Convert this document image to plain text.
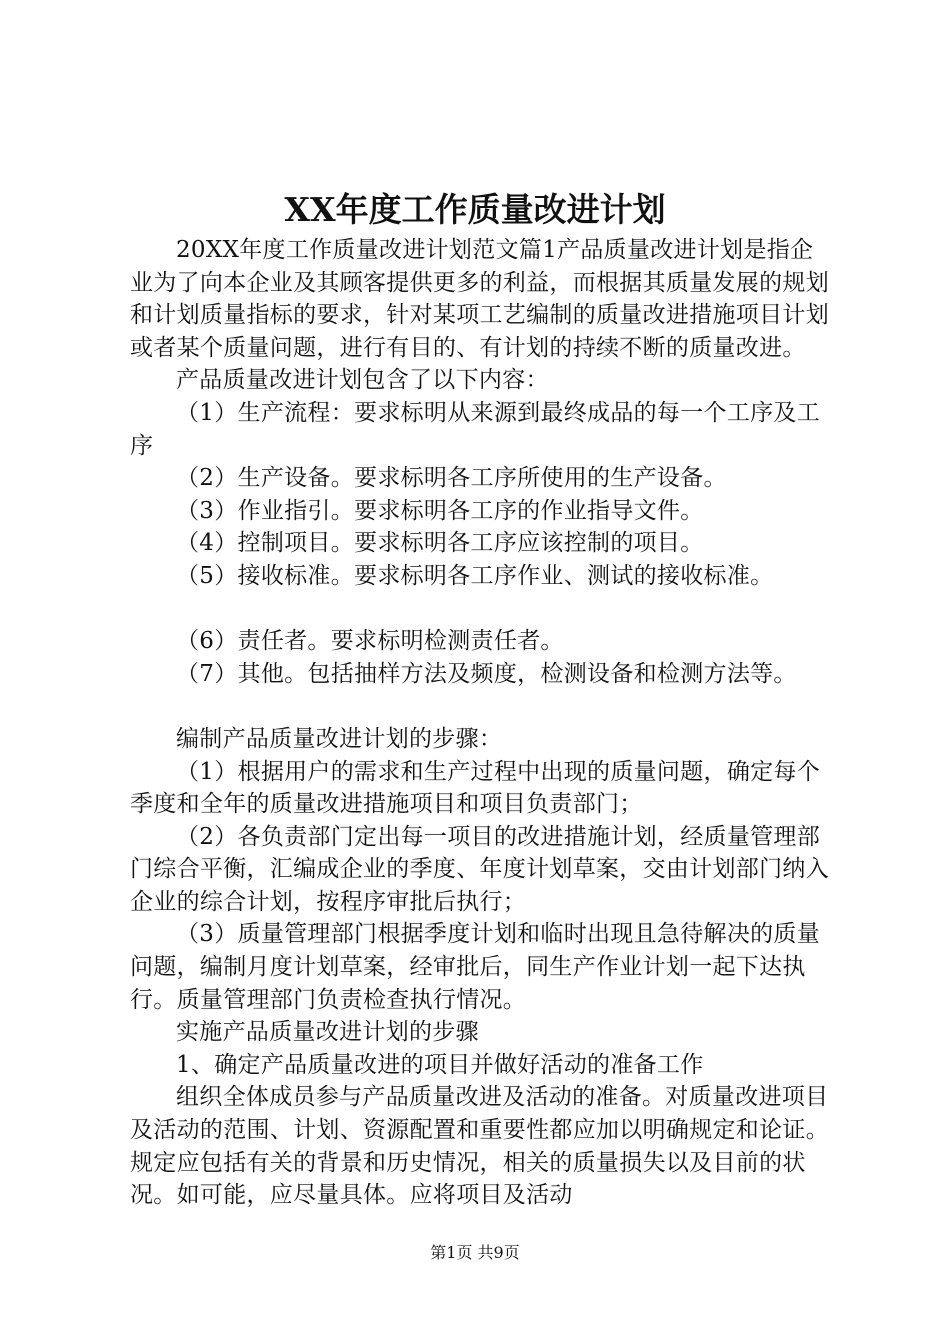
XX年度工作质量改进计划

20XX年度工作质量改进计划范文篇1产品质量改进计划是指企业为了向本企业及其顾客提供更多的利益，而根据其质量发展的规划和计划质量指标的要求，针对某项工艺编制的质量改进措施项目计划或者某个质量问题，进行有目的、有计划的持续不断的质量改进。

产品质量改进计划包含了以下内容：

（1）生产流程：要求标明从来源到最终成品的每一个工序及工序

（2）生产设备。要求标明各工序所使用的生产设备。

（3）作业指引。要求标明各工序的作业指导文件。

（4）控制项目。要求标明各工序应该控制的项目。

（5）接收标准。要求标明各工序作业、测试的接收标准。

（6）责任者。要求标明检测责任者。

（7）其他。包括抽样方法及频度，检测设备和检测方法等。

编制产品质量改进计划的步骤：

（1）根据用户的需求和生产过程中出现的质量问题，确定每个季度和全年的质量改进措施项目和项目负责部门；

（2）各负责部门定出每一项目的改进措施计划，经质量管理部门综合平衡，汇编成企业的季度、年度计划草案，交由计划部门纳入企业的综合计划，按程序审批后执行；

（3）质量管理部门根据季度计划和临时出现且急待解决的质量问题，编制月度计划草案，经审批后，同生产作业计划一起下达执行。质量管理部门负责检查执行情况。

实施产品质量改进计划的步骤

1、确定产品质量改进的项目并做好活动的准备工作

组织全体成员参与产品质量改进及活动的准备。对质量改进项目及活动的范围、计划、资源配置和重要性都应加以明确规定和论证。规定应包括有关的背景和历史情况，相关的质量损失以及目前的状况。如可能，应尽量具体。应将项目及活动

第1页 共9页
